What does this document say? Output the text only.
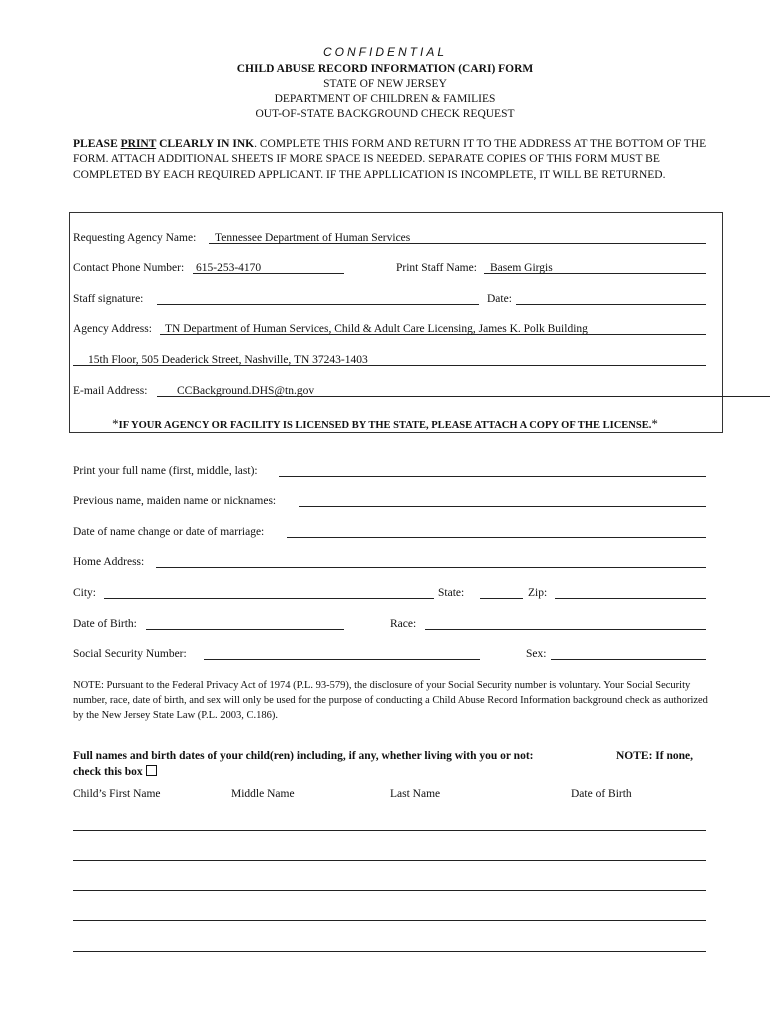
CONFIDENTIAL
CHILD ABUSE RECORD INFORMATION (CARI) FORM
STATE OF NEW JERSEY
DEPARTMENT OF CHILDREN & FAMILIES
OUT-OF-STATE BACKGROUND CHECK REQUEST
PLEASE PRINT CLEARLY IN INK. COMPLETE THIS FORM AND RETURN IT TO THE ADDRESS AT THE BOTTOM OF THE FORM. ATTACH ADDITIONAL SHEETS IF MORE SPACE IS NEEDED. SEPARATE COPIES OF THIS FORM MUST BE COMPLETED BY EACH REQUIRED APPLICANT. IF THE APPLLICATION IS INCOMPLETE, IT WILL BE RETURNED.
Requesting Agency Name: Tennessee Department of Human Services
Contact Phone Number: 615-253-4170	Print Staff Name: Basem Girgis
Staff signature:	Date:
Agency Address: TN Department of Human Services, Child & Adult Care Licensing, James K. Polk Building
15th Floor, 505 Deaderick Street, Nashville, TN 37243-1403
E-mail Address:	CCBackground.DHS@tn.gov
*IF YOUR AGENCY OR FACILITY IS LICENSED BY THE STATE, PLEASE ATTACH A COPY OF THE LICENSE.*
Print your full name (first, middle, last):
Previous name, maiden name or nicknames:
Date of name change or date of marriage:
Home Address:
City:	State:	Zip:
Date of Birth:	Race:
Social Security Number:	Sex:
NOTE: Pursuant to the Federal Privacy Act of 1974 (P.L. 93-579), the disclosure of your Social Security number is voluntary. Your Social Security number, race, date of birth, and sex will only be used for the purpose of conducting a Child Abuse Record Information background check as authorized by the New Jersey State Law (P.L. 2003, C.186).
Full names and birth dates of your child(ren) including, if any, whether living with you or not:	NOTE: If none,
check this box
Child’s First Name	Middle Name	Last Name	Date of Birth
